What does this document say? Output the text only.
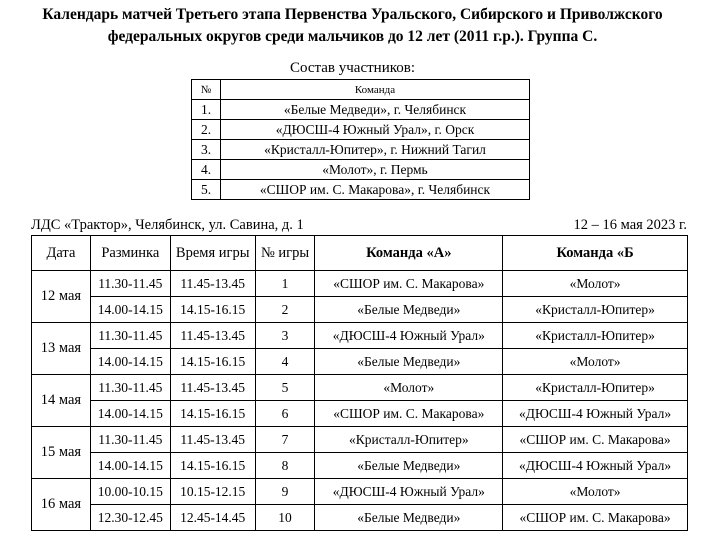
Календарь матчей Третьего этапа Первенства Уральского, Сибирского и Приволжского
федеральных округов среди мальчиков до 12 лет (2011 г.р.). Группа С.
Состав участников:
№	Команда
1.	«Белые Медведи», г. Челябинск
2.	«ДЮСШ-4 Южный Урал», г. Орск
3.	«Кристалл-Юпитер», г. Нижний Тагил
4.	«Молот», г. Пермь
5.	«СШОР им. С. Макарова», г. Челябинск
ЛДС «Трактор», Челябинск, ул. Савина, д. 1	12 – 16 мая 2023 г.
Дата	Разминка	Время игры	№ игры	Команда «А»	Команда «Б
12 мая	11.30-11.45	11.45-13.45	1	«СШОР им. С. Макарова»	«Молот»
	14.00-14.15	14.15-16.15	2	«Белые Медведи»	«Кристалл-Юпитер»
13 мая	11.30-11.45	11.45-13.45	3	«ДЮСШ-4 Южный Урал»	«Кристалл-Юпитер»
	14.00-14.15	14.15-16.15	4	«Белые Медведи»	«Молот»
14 мая	11.30-11.45	11.45-13.45	5	«Молот»	«Кристалл-Юпитер»
	14.00-14.15	14.15-16.15	6	«СШОР им. С. Макарова»	«ДЮСШ-4 Южный Урал»
15 мая	11.30-11.45	11.45-13.45	7	«Кристалл-Юпитер»	«СШОР им. С. Макарова»
	14.00-14.15	14.15-16.15	8	«Белые Медведи»	«ДЮСШ-4 Южный Урал»
16 мая	10.00-10.15	10.15-12.15	9	«ДЮСШ-4 Южный Урал»	«Молот»
	12.30-12.45	12.45-14.45	10	«Белые Медведи»	«СШОР им. С. Макарова»
